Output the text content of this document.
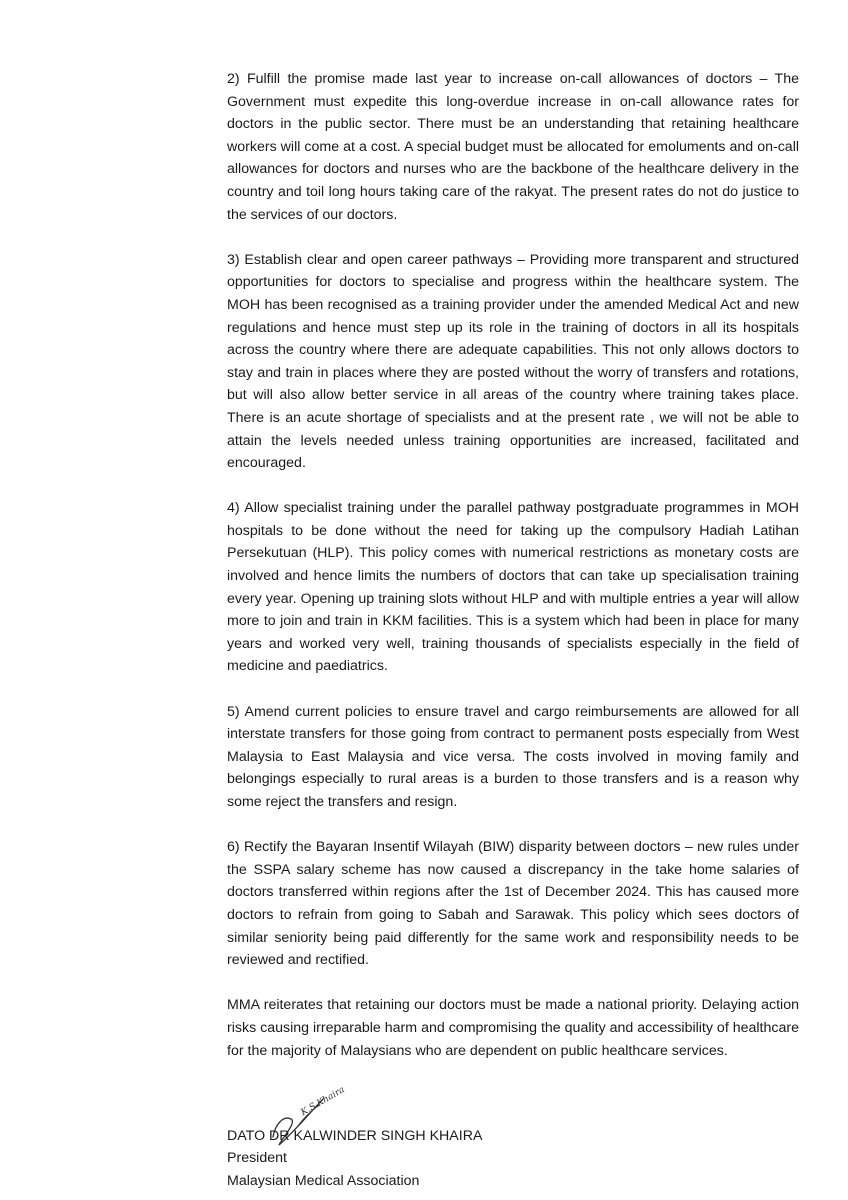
2) Fulfill the promise made last year to increase on-call allowances of doctors – The Government must expedite this long-overdue increase in on-call allowance rates for doctors in the public sector. There must be an understanding that retaining healthcare workers will come at a cost. A special budget must be allocated for emoluments and on-call allowances for doctors and nurses who are the backbone of the healthcare delivery in the country and toil long hours taking care of the rakyat. The present rates do not do justice to the services of our doctors.

3) Establish clear and open career pathways – Providing more transparent and structured opportunities for doctors to specialise and progress within the healthcare system. The MOH has been recognised as a training provider under the amended Medical Act and new regulations and hence must step up its role in the training of doctors in all its hospitals across the country where there are adequate capabilities. This not only allows doctors to stay and train in places where they are posted without the worry of transfers and rotations, but will also allow better service in all areas of the country where training takes place. There is an acute shortage of specialists and at the present rate , we will not be able to attain the levels needed unless training opportunities are increased, facilitated and encouraged.

4) Allow specialist training under the parallel pathway postgraduate programmes in MOH hospitals to be done without the need for taking up the compulsory Hadiah Latihan Persekutuan (HLP). This policy comes with numerical restrictions as monetary costs are involved and hence limits the numbers of doctors that can take up specialisation training every year. Opening up training slots without HLP and with multiple entries a year will allow more to join and train in KKM facilities. This is a system which had been in place for many years and worked very well, training thousands of specialists especially in the field of medicine and paediatrics.

5) Amend current policies to ensure travel and cargo reimbursements are allowed for all interstate transfers for those going from contract to permanent posts especially from West Malaysia to East Malaysia and vice versa. The costs involved in moving family and belongings especially to rural areas is a burden to those transfers and is a reason why some reject the transfers and resign.

6) Rectify the Bayaran Insentif Wilayah (BIW) disparity between doctors – new rules under the SSPA salary scheme has now caused a discrepancy in the take home salaries of doctors transferred within regions after the 1st of December 2024. This has caused more doctors to refrain from going to Sabah and Sarawak. This policy which sees doctors of similar seniority being paid differently for the same work and responsibility needs to be reviewed and rectified.

MMA reiterates that retaining our doctors must be made a national priority. Delaying action risks causing irreparable harm and compromising the quality and accessibility of healthcare for the majority of Malaysians who are dependent on public healthcare services.

K.S.Khaira
DATO DR KALWINDER SINGH KHAIRA
President
Malaysian Medical Association
